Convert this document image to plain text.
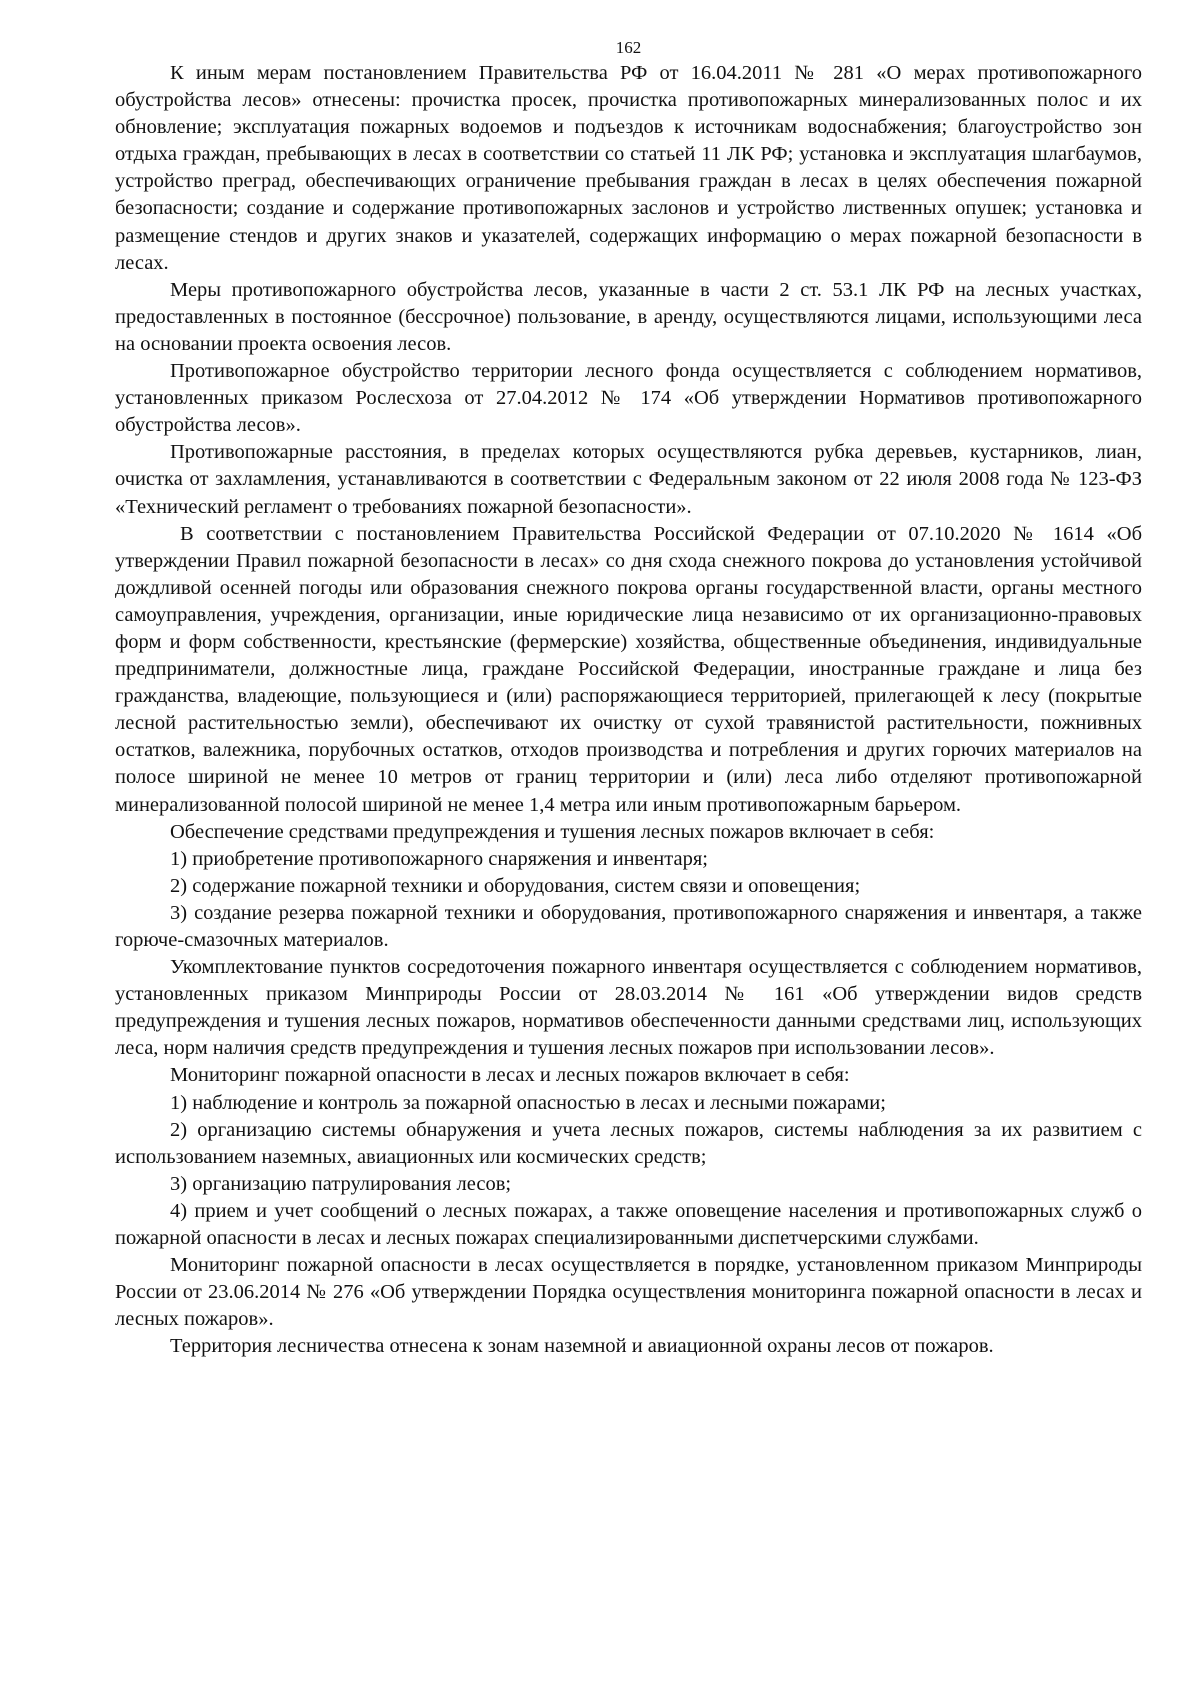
162

К иным мерам постановлением Правительства РФ от 16.04.2011 № 281 «О мерах противопожарного обустройства лесов» отнесены: прочистка просек, прочистка противопожарных минерализованных полос и их обновление; эксплуатация пожарных водоемов и подъездов к источникам водоснабжения; благоустройство зон отдыха граждан, пребывающих в лесах в соответствии со статьей 11 ЛК РФ; установка и эксплуатация шлагбаумов, устройство преград, обеспечивающих ограничение пребывания граждан в лесах в целях обеспечения пожарной безопасности; создание и содержание противопожарных заслонов и устройство лиственных опушек; установка и размещение стендов и других знаков и указателей, содержащих информацию о мерах пожарной безопасности в лесах.

Меры противопожарного обустройства лесов, указанные в части 2 ст. 53.1 ЛК РФ на лесных участках, предоставленных в постоянное (бессрочное) пользование, в аренду, осуществляются лицами, использующими леса на основании проекта освоения лесов.

Противопожарное обустройство территории лесного фонда осуществляется с соблюдением нормативов, установленных приказом Рослесхоза от 27.04.2012 № 174 «Об утверждении Нормативов противопожарного обустройства лесов».

Противопожарные расстояния, в пределах которых осуществляются рубка деревьев, кустарников, лиан, очистка от захламления, устанавливаются в соответствии с Федеральным законом от 22 июля 2008 года № 123-ФЗ «Технический регламент о требованиях пожарной безопасности».

В соответствии с постановлением Правительства Российской Федерации от 07.10.2020 № 1614 «Об утверждении Правил пожарной безопасности в лесах» со дня схода снежного покрова до установления устойчивой дождливой осенней погоды или образования снежного покрова органы государственной власти, органы местного самоуправления, учреждения, организации, иные юридические лица независимо от их организационно-правовых форм и форм собственности, крестьянские (фермерские) хозяйства, общественные объединения, индивидуальные предприниматели, должностные лица, граждане Российской Федерации, иностранные граждане и лица без гражданства, владеющие, пользующиеся и (или) распоряжающиеся территорией, прилегающей к лесу (покрытые лесной растительностью земли), обеспечивают их очистку от сухой травянистой растительности, пожнивных остатков, валежника, порубочных остатков, отходов производства и потребления и других горючих материалов на полосе шириной не менее 10 метров от границ территории и (или) леса либо отделяют противопожарной минерализованной полосой шириной не менее 1,4 метра или иным противопожарным барьером.

Обеспечение средствами предупреждения и тушения лесных пожаров включает в себя:

1) приобретение противопожарного снаряжения и инвентаря;

2) содержание пожарной техники и оборудования, систем связи и оповещения;

3) создание резерва пожарной техники и оборудования, противопожарного снаряжения и инвентаря, а также горюче-смазочных материалов.

Укомплектование пунктов сосредоточения пожарного инвентаря осуществляется с соблюдением нормативов, установленных приказом Минприроды России от 28.03.2014 № 161 «Об утверждении видов средств предупреждения и тушения лесных пожаров, нормативов обеспеченности данными средствами лиц, использующих леса, норм наличия средств предупреждения и тушения лесных пожаров при использовании лесов».

Мониторинг пожарной опасности в лесах и лесных пожаров включает в себя:

1) наблюдение и контроль за пожарной опасностью в лесах и лесными пожарами;

2) организацию системы обнаружения и учета лесных пожаров, системы наблюдения за их развитием с использованием наземных, авиационных или космических средств;

3) организацию патрулирования лесов;

4) прием и учет сообщений о лесных пожарах, а также оповещение населения и противопожарных служб о пожарной опасности в лесах и лесных пожарах специализированными диспетчерскими службами.

Мониторинг пожарной опасности в лесах осуществляется в порядке, установленном приказом Минприроды России от 23.06.2014 № 276 «Об утверждении Порядка осуществления мониторинга пожарной опасности в лесах и лесных пожаров».

Территория лесничества отнесена к зонам наземной и авиационной охраны лесов от пожаров.
